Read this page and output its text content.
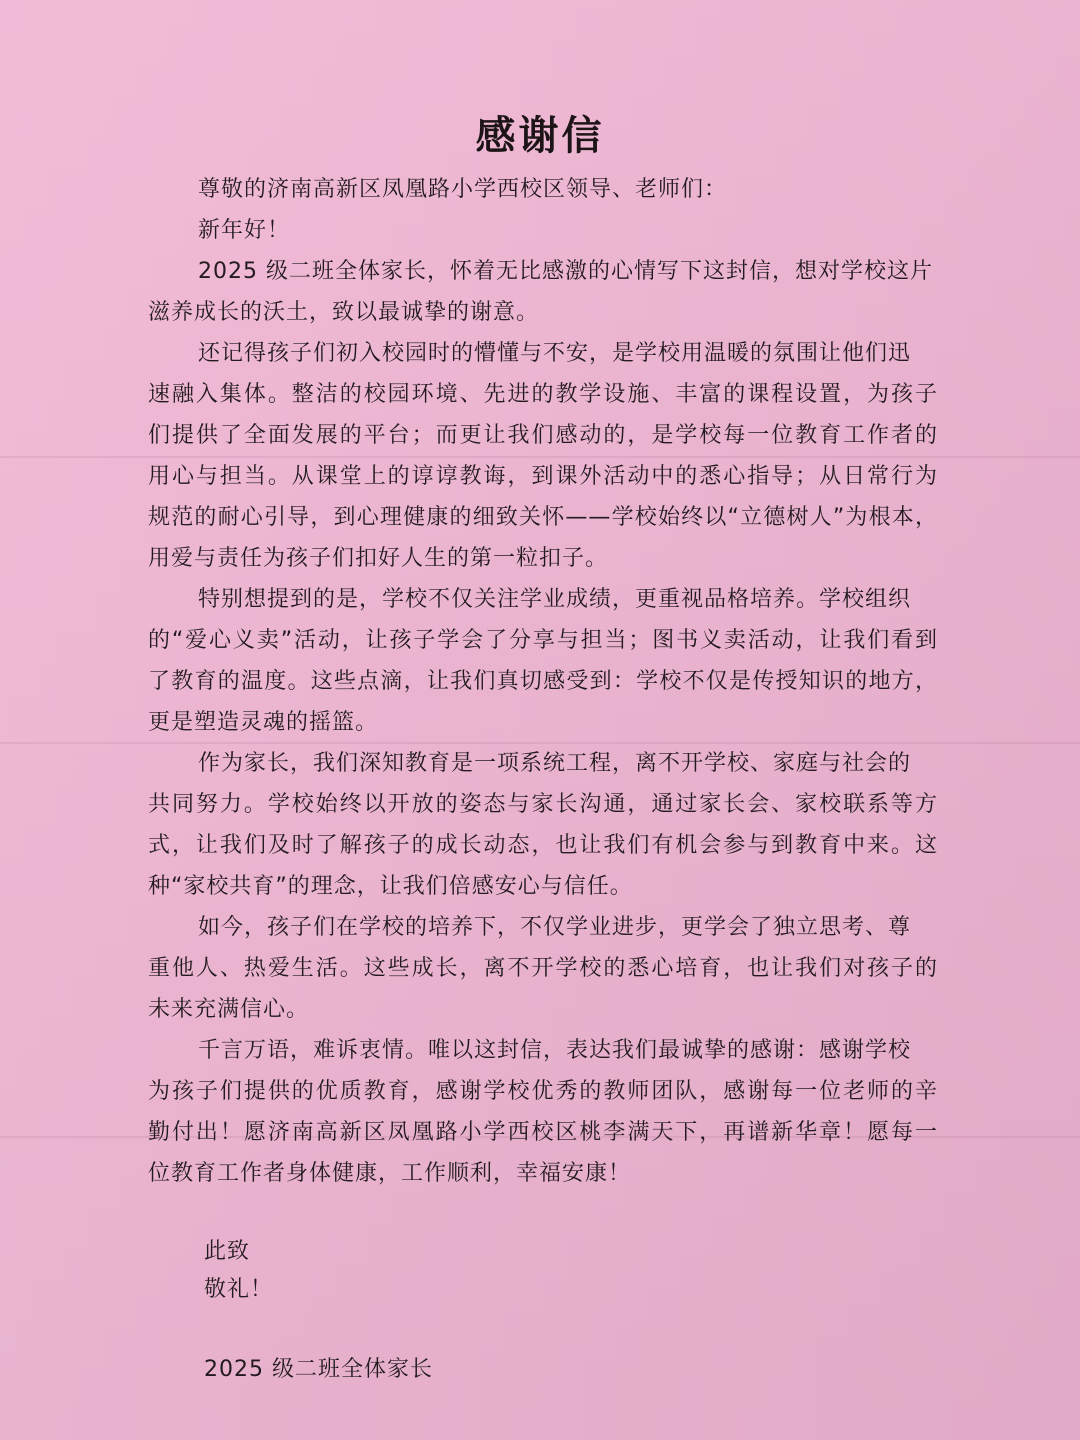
感谢信
尊敬的济南高新区凤凰路小学西校区领导、老师们：
新年好！
2025 级二班全体家长，怀着无比感激的心情写下这封信，想对学校这片
滋养成长的沃土，致以最诚挚的谢意。
还记得孩子们初入校园时的懵懂与不安，是学校用温暖的氛围让他们迅
速融入集体。整洁的校园环境、先进的教学设施、丰富的课程设置，为孩子
们提供了全面发展的平台；而更让我们感动的，是学校每一位教育工作者的
用心与担当。从课堂上的谆谆教诲，到课外活动中的悉心指导；从日常行为
规范的耐心引导，到心理健康的细致关怀——学校始终以“立德树人”为根本，
用爱与责任为孩子们扣好人生的第一粒扣子。
特别想提到的是，学校不仅关注学业成绩，更重视品格培养。学校组织
的“爱心义卖”活动，让孩子学会了分享与担当；图书义卖活动，让我们看到
了教育的温度。这些点滴，让我们真切感受到：学校不仅是传授知识的地方，
更是塑造灵魂的摇篮。
作为家长，我们深知教育是一项系统工程，离不开学校、家庭与社会的
共同努力。学校始终以开放的姿态与家长沟通，通过家长会、家校联系等方
式，让我们及时了解孩子的成长动态，也让我们有机会参与到教育中来。这
种“家校共育”的理念，让我们倍感安心与信任。
如今，孩子们在学校的培养下，不仅学业进步，更学会了独立思考、尊
重他人、热爱生活。这些成长，离不开学校的悉心培育，也让我们对孩子的
未来充满信心。
千言万语，难诉衷情。唯以这封信，表达我们最诚挚的感谢：感谢学校
为孩子们提供的优质教育，感谢学校优秀的教师团队，感谢每一位老师的辛
勤付出！愿济南高新区凤凰路小学西校区桃李满天下，再谱新华章！愿每一
位教育工作者身体健康，工作顺利，幸福安康！
此致
敬礼！
2025 级二班全体家长
